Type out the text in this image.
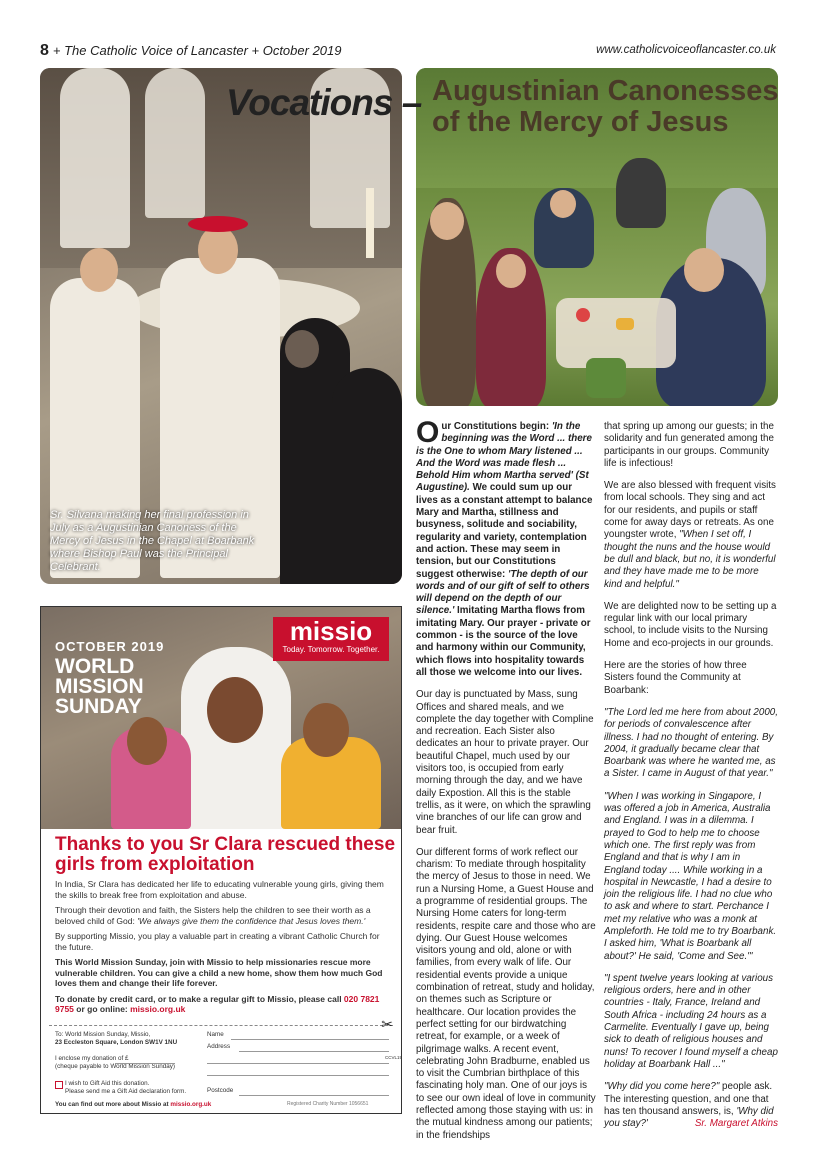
8 + The Catholic Voice of Lancaster + October 2019	www.catholicvoiceoflancaster.co.uk
Sr. Silvana making her final profession in July as a Augustinian Canoness of the Mercy of Jesus in the Chapel at Boarbank where Bishop Paul was the Principal Celebrant.
Vocations – Augustinian Canonesses
of the Mercy of Jesus

Our Constitutions begin: 'In the beginning was the Word ... there is the One to whom Mary listened ... And the Word was made flesh ... Behold Him whom Martha served' (St Augustine). We could sum up our lives as a constant attempt to balance Mary and Martha, stillness and busyness, solitude and sociability, regularity and variety, contemplation and action. These may seem in tension, but our Constitutions suggest otherwise: 'The depth of our words and of our gift of self to others will depend on the depth of our silence.' Imitating Martha flows from imitating Mary. Our prayer - private or common - is the source of the love and harmony within our Community, which flows into hospitality towards all those we welcome into our lives.

Our day is punctuated by Mass, sung Offices and shared meals, and we complete the day together with Compline and recreation. Each Sister also dedicates an hour to private prayer. Our beautiful Chapel, much used by our visitors too, is occupied from early morning through the day, and we have daily Expostion. All this is the stable trellis, as it were, on which the sprawling vine branches of our life can grow and bear fruit.

Our different forms of work reflect our charism: To mediate through hospitality the mercy of Jesus to those in need. We run a Nursing Home, a Guest House and a programme of residential groups. The Nursing Home caters for long-term residents, respite care and those who are dying. Our Guest House welcomes visitors young and old, alone or with families, from every walk of life. Our residential events provide a unique combination of retreat, study and holiday, on themes such as Scripture or healthcare. Our location provides the perfect setting for our birdwatching retreat, for example, or a week of pilgrimage walks. A recent event, celebrating John Bradburne, enabled us to visit the Cumbrian birthplace of this fascinating holy man. One of our joys is to see our own ideal of love in community reflected among those staying with us: in the mutual kindness among our patients; in the friendships

that spring up among our guests; in the solidarity and fun generated among the participants in our groups. Community life is infectious!

We are also blessed with frequent visits from local schools. They sing and act for our residents, and pupils or staff come for away days or retreats. As one youngster wrote, "When I set off, I thought the nuns and the house would be dull and black, but no, it is wonderful and they have made me to be more kind and helpful."

We are delighted now to be setting up a regular link with our local primary school, to include visits to the Nursing Home and eco-projects in our grounds.

Here are the stories of how three Sisters found the Community at Boarbank:

"The Lord led me here from about 2000, for periods of convalescence after illness. I had no thought of entering. By 2004, it gradually became clear that Boarbank was where he wanted me, as a Sister. I came in August of that year."

"When I was working in Singapore, I was offered a job in America, Australia and England. I was in a dilemma. I prayed to God to help me to choose which one. The first reply was from England and that is why I am in England today .... While working in a hospital in Newcastle, I had a desire to join the religious life. I had no clue who to ask and where to start. Perchance I met my relative who was a monk at Ampleforth. He told me to try Boarbank. I asked him, 'What is Boarbank all about?' He said, 'Come and See.'"

"I spent twelve years looking at various religious orders, here and in other countries - Italy, France, Ireland and South Africa - including 24 hours as a Carmelite. Eventually I gave up, being sick to death of religious houses and nuns! To recover I found myself a cheap holiday at Boarbank Hall ..."

"Why did you come here?" people ask. The interesting question, and one that has ten thousand answers, is, 'Why did you stay?'	Sr. Margaret Atkins

OCTOBER 2019
WORLD
MISSION
SUNDAY
missio
Today. Tomorrow. Together.
Thanks to you Sr Clara rescued these girls from exploitation

In India, Sr Clara has dedicated her life to educating vulnerable young girls, giving them the skills to break free from exploitation and abuse.

Through their devotion and faith, the Sisters help the children to see their worth as a beloved child of God: 'We always give them the confidence that Jesus loves them.'

By supporting Missio, you play a valuable part in creating a vibrant Catholic Church for the future.

This World Mission Sunday, join with Missio to help missionaries rescue more vulnerable children. You can give a child a new home, show them how much God loves them and change their life forever.

To donate by credit card, or to make a regular gift to Missio, please call 020 7821 9755 or go online: missio.org.uk

✂
To: World Mission Sunday, Missio,
23 Eccleston Square, London SW1V 1NU
Name
Address
I enclose my donation of £
(cheque payable to World Mission Sunday)
I wish to Gift Aid this donation.
Please send me a Gift Aid declaration form.	Postcode
CCVL19
You can find out more about Missio at missio.org.uk	Registered Charity Number 1056651
